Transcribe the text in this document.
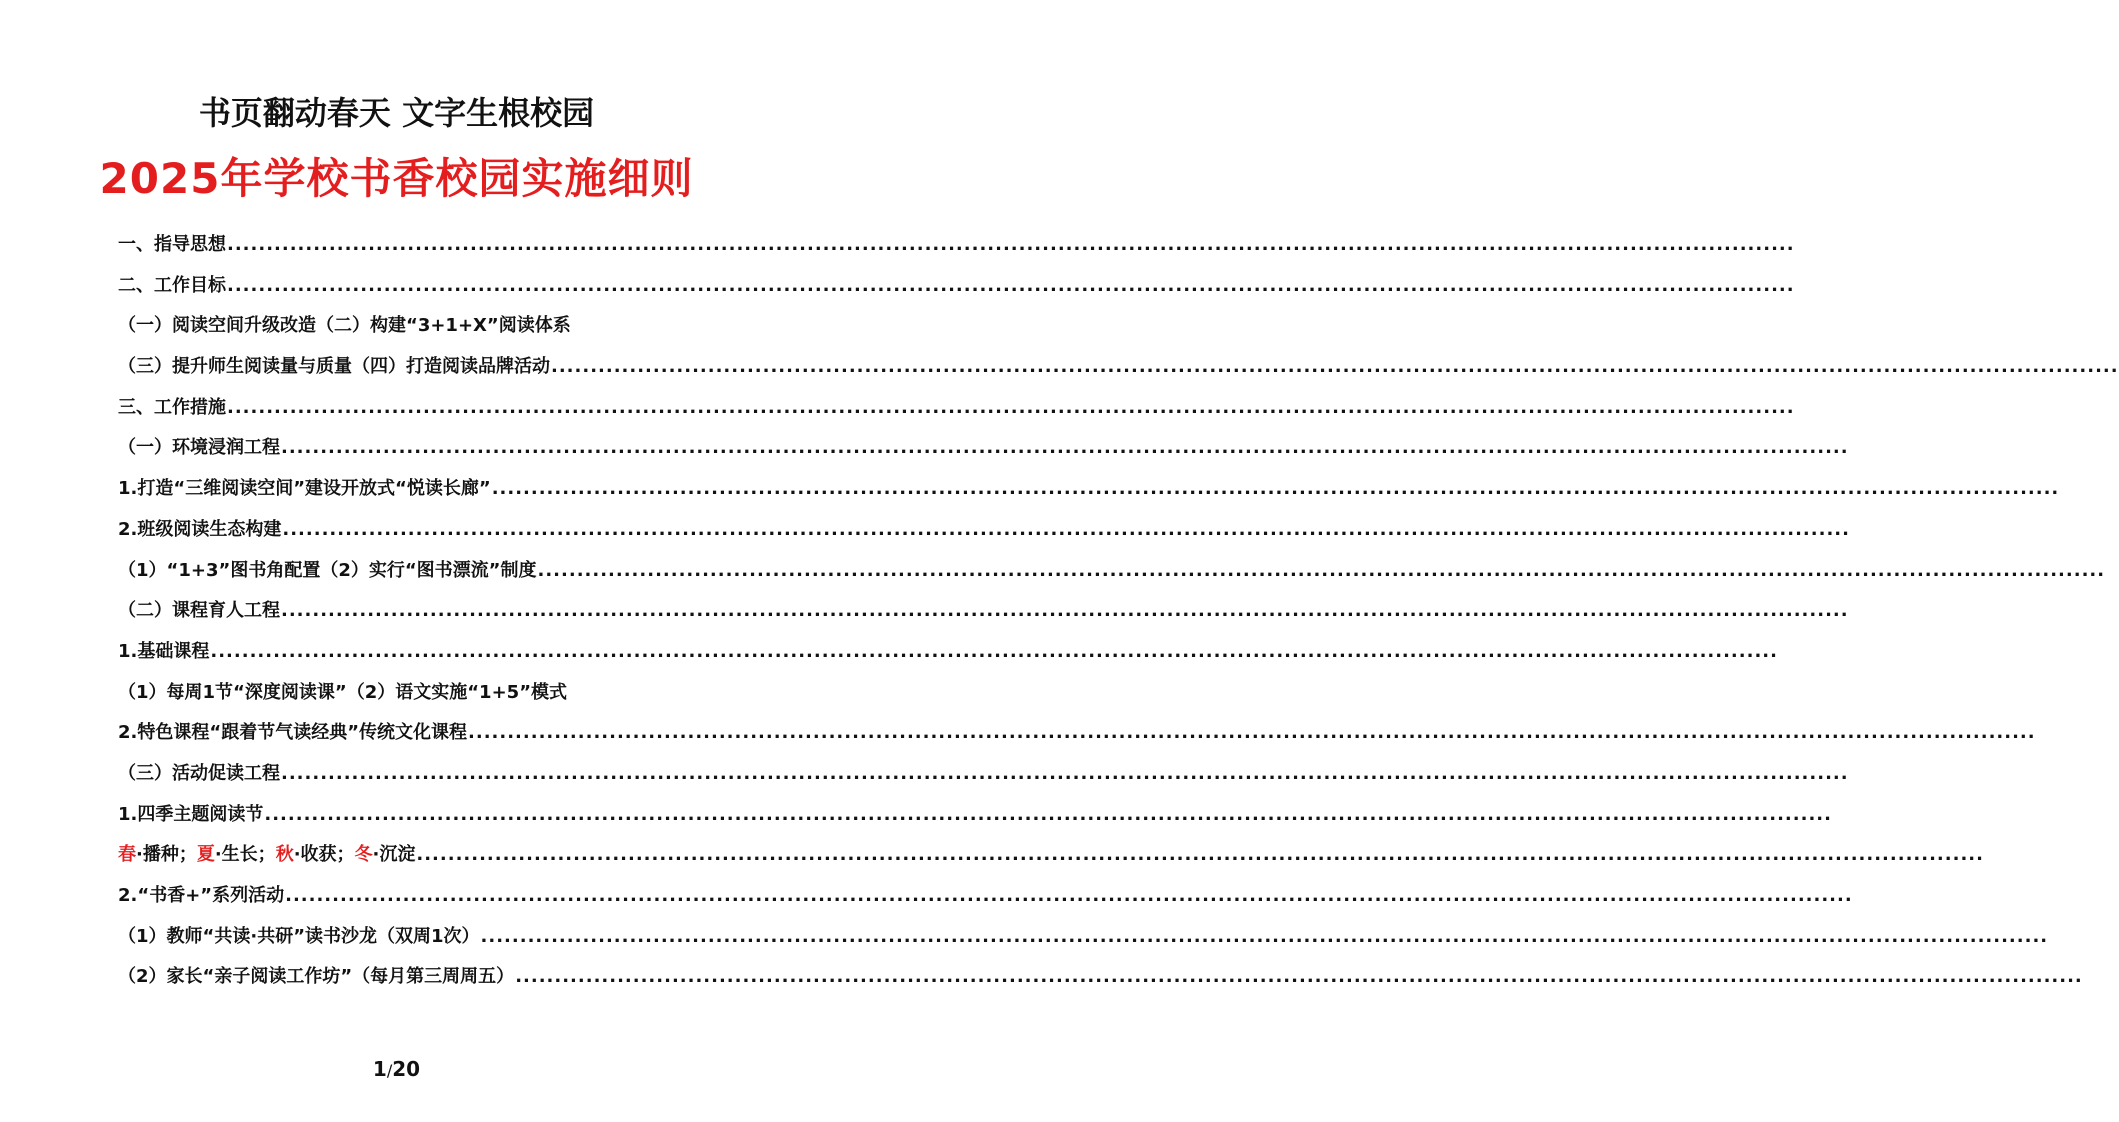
书页翻动春天 文字生根校园
2025年学校书香校园实施细则
一、指导思想 ........................................................................................................................................................................................................
二、工作目标 ........................................................................................................................................................................................................
（一）阅读空间升级改造（二）构建“3+1+X”阅读体系
（三）提升师生阅读量与质量（四）打造阅读品牌活动 ........................................................................................................................................................................................................
三、工作措施 ........................................................................................................................................................................................................
（一）环境浸润工程 ........................................................................................................................................................................................................
1.打造“三维阅读空间”建设开放式“悦读长廊” ........................................................................................................................................................................................................
2.班级阅读生态构建 ........................................................................................................................................................................................................
（1）“1+3”图书角配置（2）实行“图书漂流”制度 ........................................................................................................................................................................................................
（二）课程育人工程 ........................................................................................................................................................................................................
1.基础课程 ........................................................................................................................................................................................................
（1）每周1节“深度阅读课”（2）语文实施“1+5”模式
2.特色课程“跟着节气读经典”传统文化课程 ........................................................................................................................................................................................................
（三）活动促读工程 ........................................................................................................................................................................................................
1.四季主题阅读节 ........................................................................................................................................................................................................
春·播种；夏·生长；秋·收获；冬·沉淀 ........................................................................................................................................................................................................
2.“书香+”系列活动 ........................................................................................................................................................................................................
（1）教师“共读·共研”读书沙龙（双周1次） ........................................................................................................................................................................................................
（2）家长“亲子阅读工作坊”（每月第三周周五） ........................................................................................................................................................................................................
1/20
